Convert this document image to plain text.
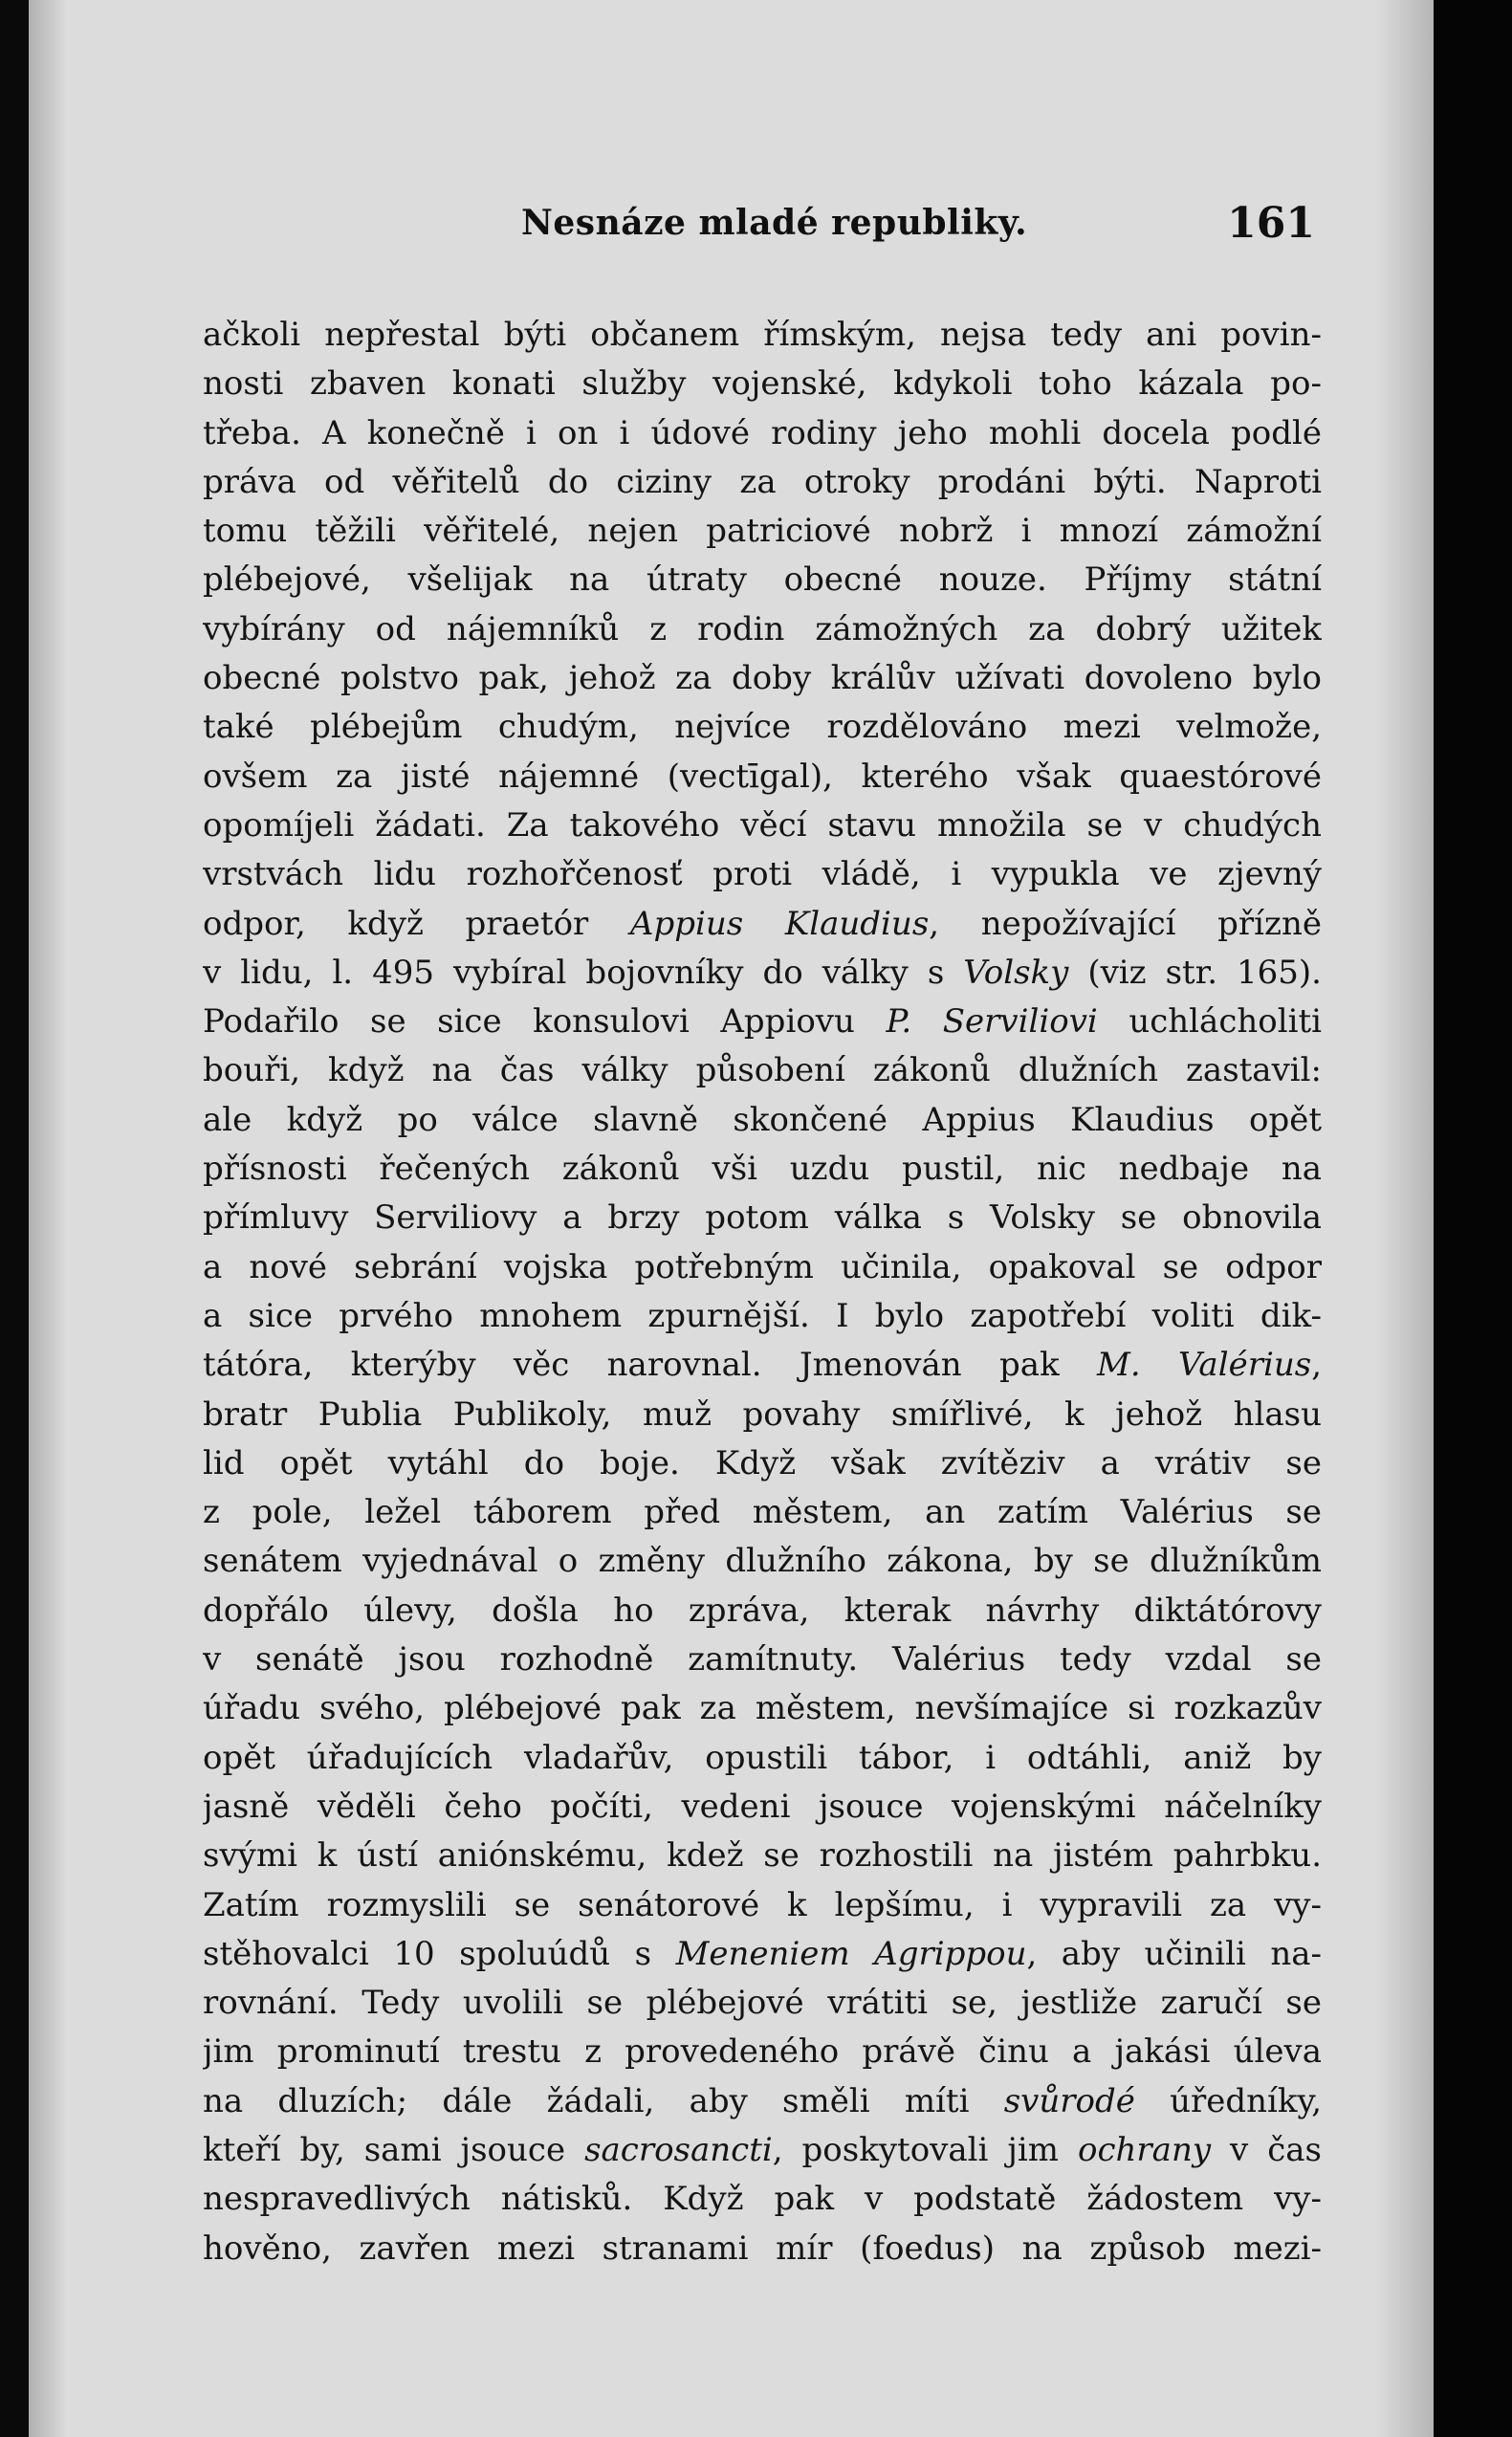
Nesnáze mladé republiky.	161
ačkoli nepřestal býti občanem římským, nejsa tedy ani povin-
nosti zbaven konati služby vojenské, kdykoli toho kázala po-
třeba. A konečně i on i údové rodiny jeho mohli docela podlé
práva od věřitelů do ciziny za otroky prodáni býti. Naproti
tomu těžili věřitelé, nejen patriciové nobrž i mnozí zámožní
plébejové, všelijak na útraty obecné nouze. Příjmy státní
vybírány od nájemníků z rodin zámožných za dobrý užitek
obecné polstvo pak, jehož za doby králův užívati dovoleno bylo
také plébejům chudým, nejvíce rozdělováno mezi velmože,
ovšem za jisté nájemné (vectīgal), kterého však quaestórové
opomíjeli žádati. Za takového věcí stavu množila se v chudých
vrstvách lidu rozhořčenosť proti vládě, i vypukla ve zjevný
odpor, když praetór Appius Klaudius, nepožívající přízně
v lidu, l. 495 vybíral bojovníky do války s Volsky (viz str. 165).
Podařilo se sice konsulovi Appiovu P. Serviliovi uchlácholiti
bouři, když na čas války působení zákonů dlužních zastavil:
ale když po válce slavně skončené Appius Klaudius opět
přísnosti řečených zákonů vši uzdu pustil, nic nedbaje na
přímluvy Serviliovy a brzy potom válka s Volsky se obnovila
a nové sebrání vojska potřebným učinila, opakoval se odpor
a sice prvého mnohem zpurnější. I bylo zapotřebí voliti dik-
tátóra, kterýby věc narovnal. Jmenován pak M. Valérius,
bratr Publia Publikoly, muž povahy smířlivé, k jehož hlasu
lid opět vytáhl do boje. Když však zvítěziv a vrátiv se
z pole, ležel táborem před městem, an zatím Valérius se
senátem vyjednával o změny dlužního zákona, by se dlužníkům
dopřálo úlevy, došla ho zpráva, kterak návrhy diktátórovy
v senátě jsou rozhodně zamítnuty. Valérius tedy vzdal se
úřadu svého, plébejové pak za městem, nevšímajíce si rozkazův
opět úřadujících vladařův, opustili tábor, i odtáhli, aniž by
jasně věděli čeho počíti, vedeni jsouce vojenskými náčelníky
svými k ústí aniónskému, kdež se rozhostili na jistém pahrbku.
Zatím rozmyslili se senátorové k lepšímu, i vypravili za vy-
stěhovalci 10 spoluúdů s Meneniem Agrippou, aby učinili na-
rovnání. Tedy uvolili se plébejové vrátiti se, jestliže zaručí se
jim prominutí trestu z provedeného právě činu a jakási úleva
na dluzích; dále žádali, aby směli míti svůrodé úředníky,
kteří by, sami jsouce sacrosancti, poskytovali jim ochrany v čas
nespravedlivých nátisků. Když pak v podstatě žádostem vy-
hověno, zavřen mezi stranami mír (foedus) na způsob mezi-
